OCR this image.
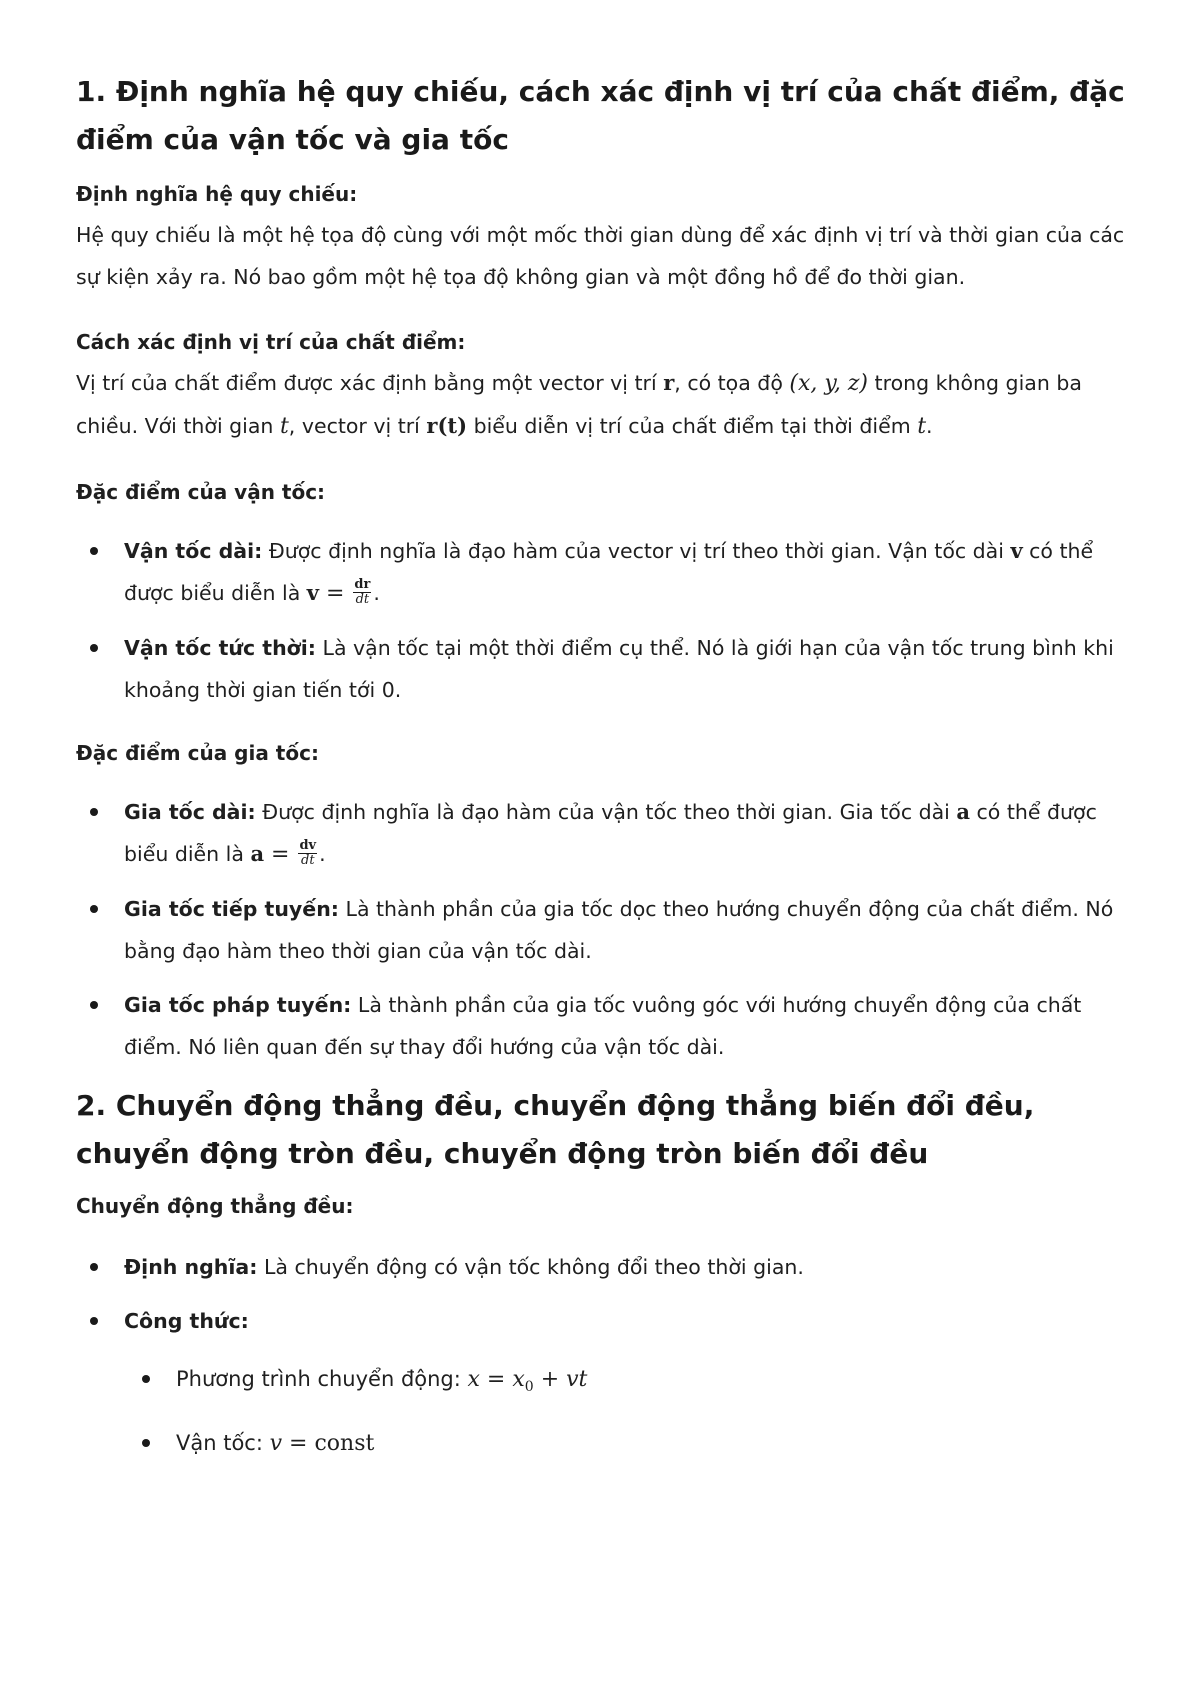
1. Định nghĩa hệ quy chiếu, cách xác định vị trí của chất điểm, đặc điểm của vận tốc và gia tốc

Định nghĩa hệ quy chiếu:

Hệ quy chiếu là một hệ tọa độ cùng với một mốc thời gian dùng để xác định vị trí và thời gian của các sự kiện xảy ra. Nó bao gồm một hệ tọa độ không gian và một đồng hồ để đo thời gian.

Cách xác định vị trí của chất điểm:

Vị trí của chất điểm được xác định bằng một vector vị trí r, có tọa độ (x, y, z) trong không gian ba chiều. Với thời gian t, vector vị trí r(t) biểu diễn vị trí của chất điểm tại thời điểm t.

Đặc điểm của vận tốc:

Vận tốc dài: Được định nghĩa là đạo hàm của vector vị trí theo thời gian. Vận tốc dài v có thể được biểu diễn là $v = \frac{dr}{dt}$ .
Vận tốc tức thời: Là vận tốc tại một thời điểm cụ thể. Nó là giới hạn của vận tốc trung bình khi khoảng thời gian tiến tới 0.

Đặc điểm của gia tốc:

Gia tốc dài: Được định nghĩa là đạo hàm của vận tốc theo thời gian. Gia tốc dài a có thể được biểu diễn là $a = \frac{dv}{dt}$ .
Gia tốc tiếp tuyến: Là thành phần của gia tốc dọc theo hướng chuyển động của chất điểm. Nó bằng đạo hàm theo thời gian của vận tốc dài.
Gia tốc pháp tuyến: Là thành phần của gia tốc vuông góc với hướng chuyển động của chất điểm. Nó liên quan đến sự thay đổi hướng của vận tốc dài.
2. Chuyển động thẳng đều, chuyển động thẳng biến đổi đều, chuyển động tròn đều, chuyển động tròn biến đổi đều

Chuyển động thẳng đều:

Định nghĩa: Là chuyển động có vận tốc không đổi theo thời gian.
Công thức:
Phương trình chuyển động: $x = x_0$ + vt
Vận tốc: v = const
